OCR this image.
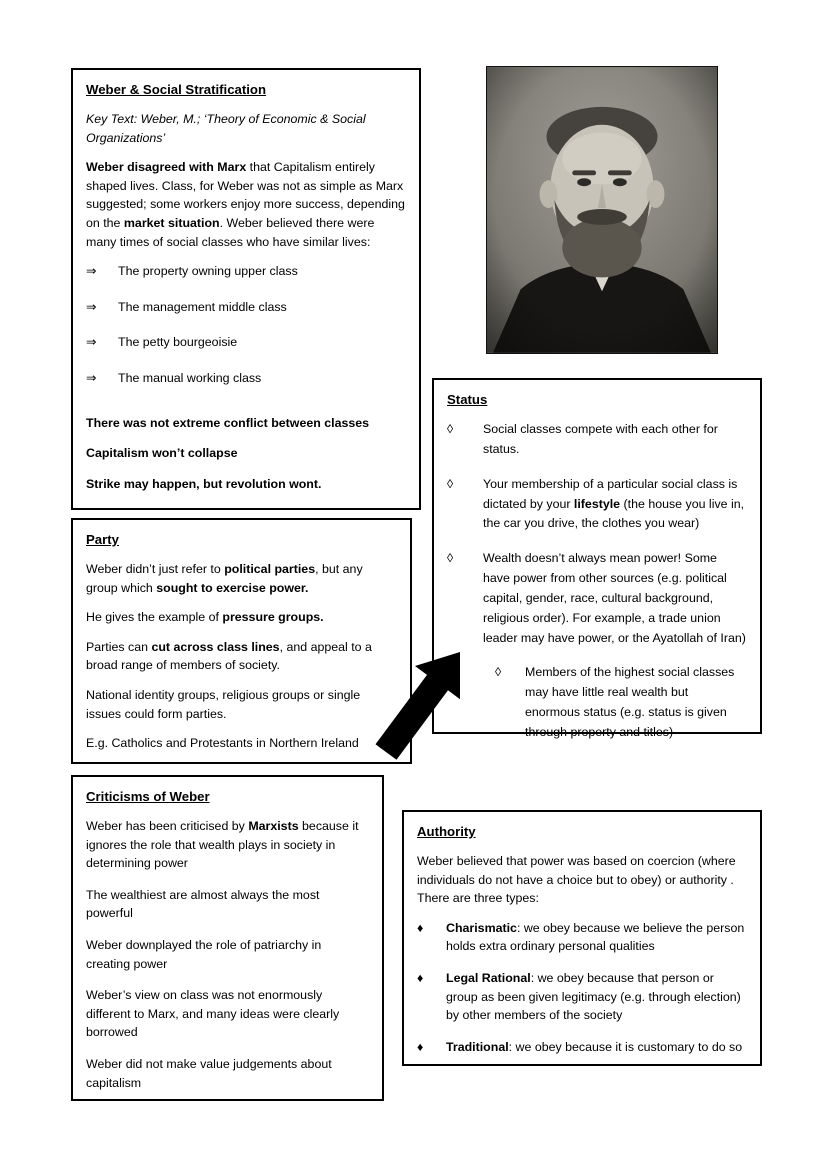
Weber & Social Stratification

Key Text: Weber, M.; ‘Theory of Economic & Social Organizations’

Weber disagreed with Marx that Capitalism entirely shaped lives. Class, for Weber was not as simple as Marx suggested; some workers enjoy more success, depending on the market situation. Weber believed there were many times of social classes who have similar lives:

⇒	The property owning upper class
⇒	The management middle class
⇒	The petty bourgeoisie
⇒	The manual working class

There was not extreme conflict between classes

Capitalism won’t collapse

Strike may happen, but revolution wont.

Status
◊	Social classes compete with each other for status.
◊	Your membership of a particular social class is dictated by your lifestyle (the house you live in, the car you drive, the clothes you wear)
◊	Wealth doesn’t always mean power! Some have power from other sources (e.g. political capital, gender, race, cultural background, religious order). For example, a trade union leader may have power, or the Ayatollah of Iran)
◊	Members of the highest social classes may have little real wealth but enormous status (e.g. status is given through property and titles)
Party

Weber didn’t just refer to political parties, but any group which sought to exercise power.

He gives the example of pressure groups.

Parties can cut across class lines, and appeal to a broad range of members of society.

National identity groups, religious groups or single issues could form parties.

E.g. Catholics and Protestants in Northern Ireland

Criticisms of Weber

Weber has been criticised by Marxists because it ignores the role that wealth plays in society in determining power

The wealthiest are almost always the most powerful

Weber downplayed the role of patriarchy in creating power

Weber’s view on class was not enormously different to Marx, and many ideas were clearly borrowed

Weber did not make value judgements about capitalism

Authority

Weber believed that power was based on coercion (where individuals do not have a choice but to obey) or authority . There are three types:

♦	Charismatic: we obey because we believe the person holds extra ordinary personal qualities
♦	Legal Rational: we obey because that person or group as been given legitimacy (e.g. through election) by other members of the society
♦	Traditional: we obey because it is customary to do so
